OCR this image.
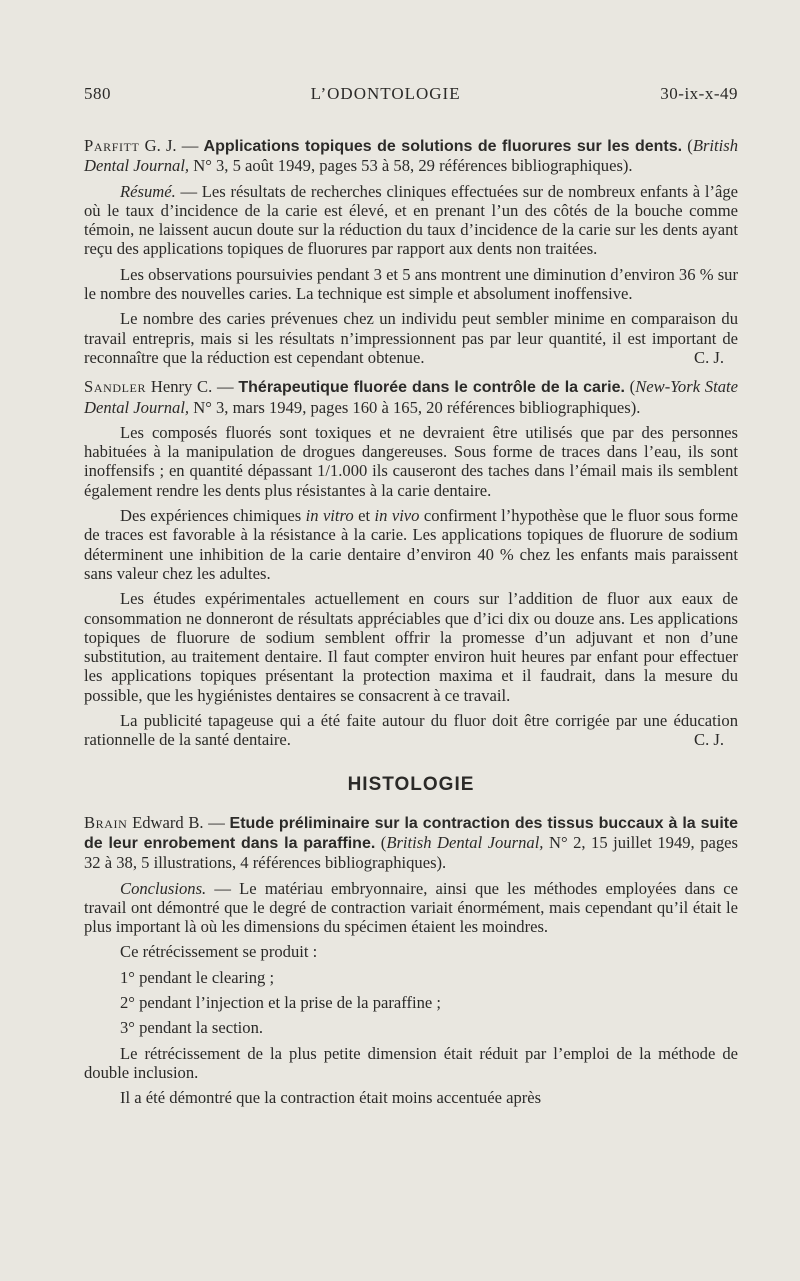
580	L’ODONTOLOGIE	30-ix-x-49

Parfitt G. J. — Applications topiques de solutions de fluorures sur les dents. (British Dental Journal, N° 3, 5 août 1949, pages 53 à 58, 29 références bibliographiques).

Résumé. — Les résultats de recherches cliniques effectuées sur de nombreux enfants à l’âge où le taux d’incidence de la carie est élevé, et en prenant l’un des côtés de la bouche comme témoin, ne laissent aucun doute sur la réduction du taux d’incidence de la carie sur les dents ayant reçu des applications topiques de fluorures par rapport aux dents non traitées.

Les observations poursuivies pendant 3 et 5 ans montrent une diminution d’environ 36 % sur le nombre des nouvelles caries. La technique est simple et absolument inoffensive.

Le nombre des caries prévenues chez un individu peut sembler minime en comparaison du travail entrepris, mais si les résultats n’impressionnent pas par leur quantité, il est important de reconnaître que la réduction est cependant obtenue.	C. J.

Sandler Henry C. — Thérapeutique fluorée dans le contrôle de la carie. (New-York State Dental Journal, N° 3, mars 1949, pages 160 à 165, 20 références bibliographiques).

Les composés fluorés sont toxiques et ne devraient être utilisés que par des personnes habituées à la manipulation de drogues dangereuses. Sous forme de traces dans l’eau, ils sont inoffensifs ; en quantité dépassant 1/1.000 ils causeront des taches dans l’émail mais ils semblent également rendre les dents plus résistantes à la carie dentaire.

Des expériences chimiques in vitro et in vivo confirment l’hypothèse que le fluor sous forme de traces est favorable à la résistance à la carie. Les applications topiques de fluorure de sodium déterminent une inhibition de la carie dentaire d’environ 40 % chez les enfants mais paraissent sans valeur chez les adultes.

Les études expérimentales actuellement en cours sur l’addition de fluor aux eaux de consommation ne donneront de résultats appréciables que d’ici dix ou douze ans. Les applications topiques de fluorure de sodium semblent offrir la promesse d’un adjuvant et non d’une substitution, au traitement dentaire. Il faut compter environ huit heures par enfant pour effectuer les applications topiques présentant la protection maxima et il faudrait, dans la mesure du possible, que les hygiénistes dentaires se consacrent à ce travail.

La publicité tapageuse qui a été faite autour du fluor doit être corrigée par une éducation rationnelle de la santé dentaire.	C. J.

HISTOLOGIE

Brain Edward B. — Etude préliminaire sur la contraction des tissus buccaux à la suite de leur enrobement dans la paraffine. (British Dental Journal, N° 2, 15 juillet 1949, pages 32 à 38, 5 illustrations, 4 références bibliographiques).

Conclusions. — Le matériau embryonnaire, ainsi que les méthodes employées dans ce travail ont démontré que le degré de contraction variait énormément, mais cependant qu’il était le plus important là où les dimensions du spécimen étaient les moindres.

Ce rétrécissement se produit :

1° pendant le clearing ;

2° pendant l’injection et la prise de la paraffine ;

3° pendant la section.

Le rétrécissement de la plus petite dimension était réduit par l’emploi de la méthode de double inclusion.

Il a été démontré que la contraction était moins accentuée après
